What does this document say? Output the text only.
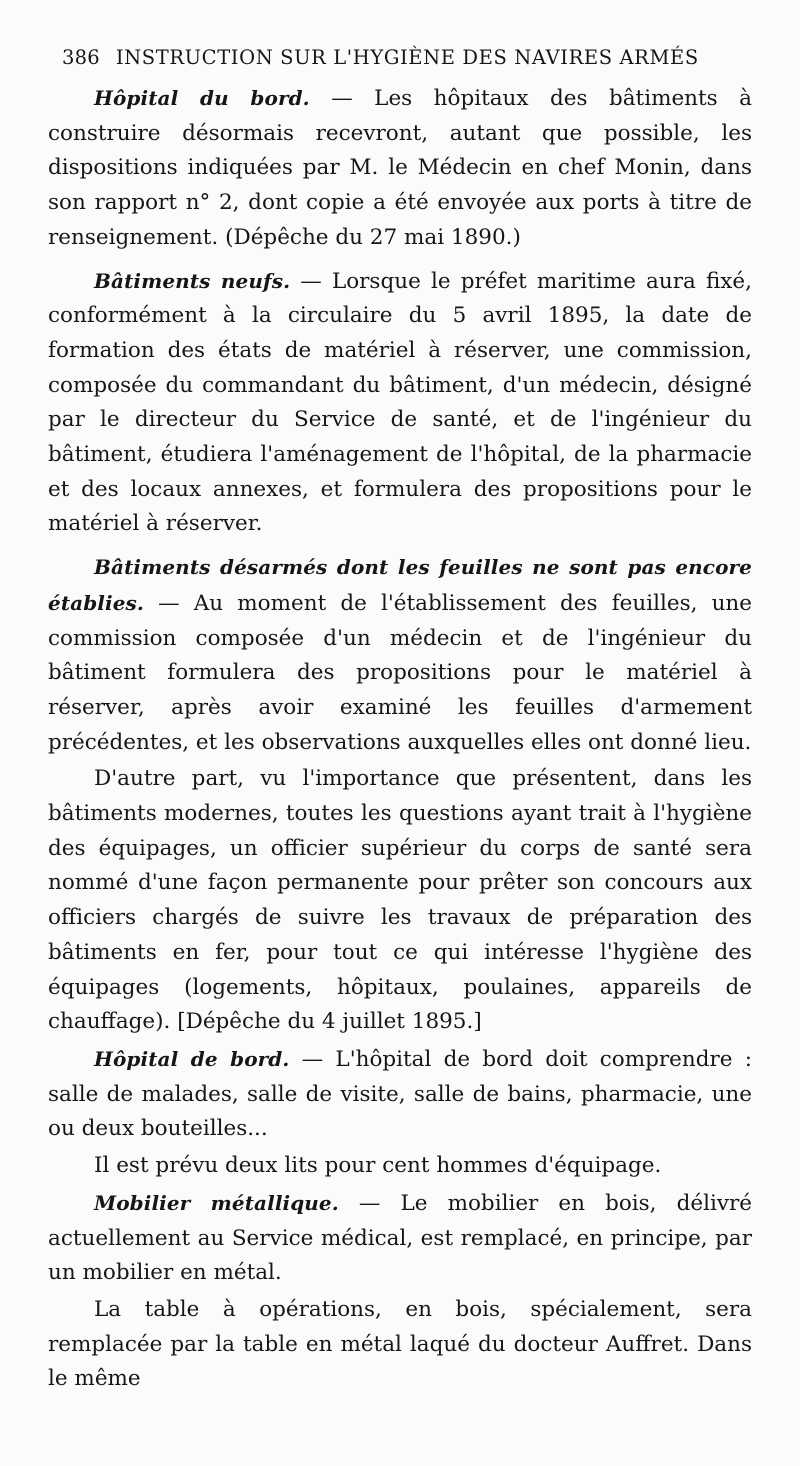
386 INSTRUCTION SUR L'HYGIÈNE DES NAVIRES ARMÉS

Hôpital du bord. — Les hôpitaux des bâtiments à construire désormais recevront, autant que possible, les dispositions indiquées par M. le Médecin en chef Monin, dans son rapport n° 2, dont copie a été envoyée aux ports à titre de renseignement. (Dépêche du 27 mai 1890.)

Bâtiments neufs. — Lorsque le préfet maritime aura fixé, conformément à la circulaire du 5 avril 1895, la date de formation des états de matériel à réserver, une commission, composée du commandant du bâtiment, d'un médecin, désigné par le directeur du Service de santé, et de l'ingénieur du bâtiment, étudiera l'aménagement de l'hôpital, de la pharmacie et des locaux annexes, et formulera des propositions pour le matériel à réserver.

Bâtiments désarmés dont les feuilles ne sont pas encore établies. — Au moment de l'établissement des feuilles, une commission composée d'un médecin et de l'ingénieur du bâtiment formulera des propositions pour le matériel à réserver, après avoir examiné les feuilles d'armement précédentes, et les observations auxquelles elles ont donné lieu.

D'autre part, vu l'importance que présentent, dans les bâtiments modernes, toutes les questions ayant trait à l'hygiène des équipages, un officier supérieur du corps de santé sera nommé d'une façon permanente pour prêter son concours aux officiers chargés de suivre les travaux de préparation des bâtiments en fer, pour tout ce qui intéresse l'hygiène des équipages (logements, hôpitaux, poulaines, appareils de chauffage). [Dépêche du 4 juillet 1895.]

Hôpital de bord. — L'hôpital de bord doit comprendre : salle de malades, salle de visite, salle de bains, pharmacie, une ou deux bouteilles...

Il est prévu deux lits pour cent hommes d'équipage.

Mobilier métallique. — Le mobilier en bois, délivré actuellement au Service médical, est remplacé, en principe, par un mobilier en métal.

La table à opérations, en bois, spécialement, sera remplacée par la table en métal laqué du docteur Auffret. Dans le même
